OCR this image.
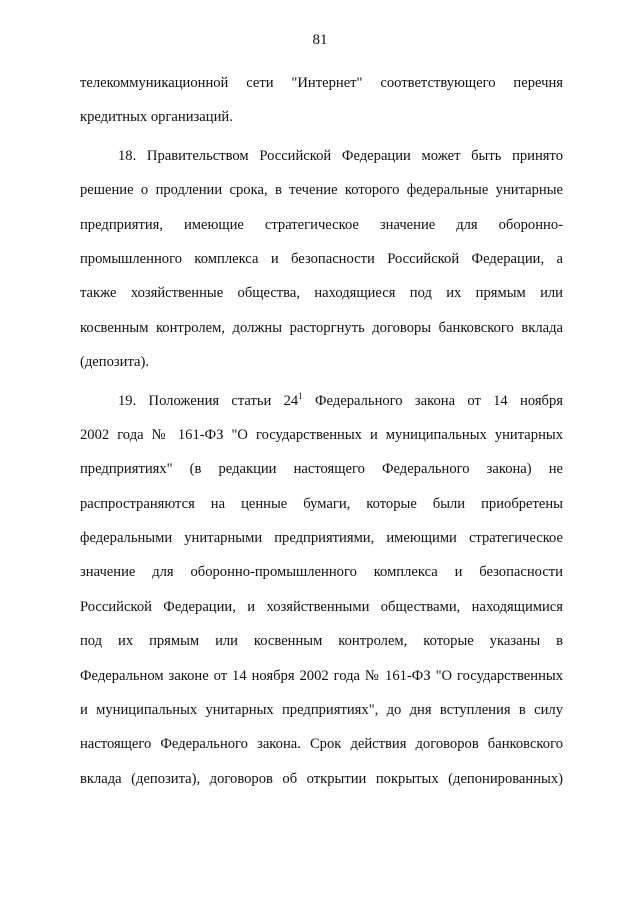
81
телекоммуникационной сети "Интернет" соответствующего перечня
кредитных организаций.
18. Правительством Российской Федерации может быть принято
решение о продлении срока, в течение которого федеральные унитарные
предприятия, имеющие стратегическое значение для оборонно-
промышленного комплекса и безопасности Российской Федерации, а
также хозяйственные общества, находящиеся под их прямым или
косвенным контролем, должны расторгнуть договоры банковского вклада
(депозита).
19. Положения статьи $24^1$ Федерального закона от 14 ноября
2002 года № 161-ФЗ "О государственных и муниципальных унитарных
предприятиях" (в редакции настоящего Федерального закона) не
распространяются на ценные бумаги, которые были приобретены
федеральными унитарными предприятиями, имеющими стратегическое
значение для оборонно-промышленного комплекса и безопасности
Российской Федерации, и хозяйственными обществами, находящимися
под их прямым или косвенным контролем, которые указаны в
Федеральном законе от 14 ноября 2002 года № 161-ФЗ "О государственных
и муниципальных унитарных предприятиях", до дня вступления в силу
настоящего Федерального закона. Срок действия договоров банковского
вклада (депозита), договоров об открытии покрытых (депонированных)
